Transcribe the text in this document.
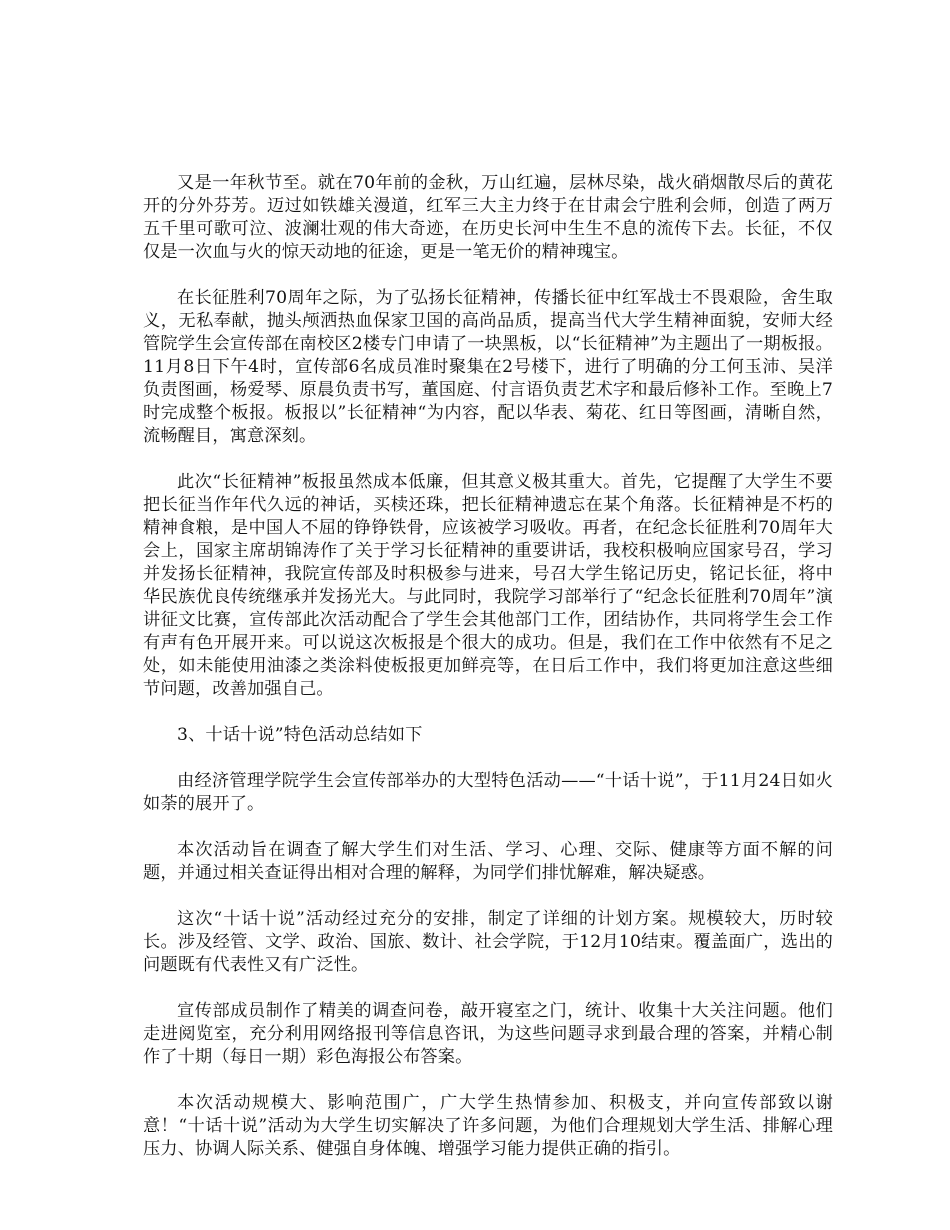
又是一年秋节至。就在70年前的金秋，万山红遍，层林尽染，战火硝烟散尽后的黄花开的分外芬芳。迈过如铁雄关漫道，红军三大主力终于在甘肃会宁胜利会师，创造了两万五千里可歌可泣、波澜壮观的伟大奇迹，在历史长河中生生不息的流传下去。长征，不仅仅是一次血与火的惊天动地的征途，更是一笔无价的精神瑰宝。

在长征胜利70周年之际，为了弘扬长征精神，传播长征中红军战士不畏艰险，舍生取义，无私奉献，抛头颅洒热血保家卫国的高尚品质，提高当代大学生精神面貌，安师大经管院学生会宣传部在南校区2楼专门申请了一块黑板，以“长征精神”为主题出了一期板报。11月8日下午4时，宣传部6名成员准时聚集在2号楼下，进行了明确的分工何玉沛、吴洋负责图画，杨爱琴、原晨负责书写，董国庭、付言语负责艺术字和最后修补工作。至晚上7时完成整个板报。板报以”长征精神“为内容，配以华表、菊花、红日等图画，清晰自然，流畅醒目，寓意深刻。

此次“长征精神”板报虽然成本低廉，但其意义极其重大。首先，它提醒了大学生不要把长征当作年代久远的神话，买椟还珠，把长征精神遗忘在某个角落。长征精神是不朽的精神食粮，是中国人不屈的铮铮铁骨，应该被学习吸收。再者，在纪念长征胜利70周年大会上，国家主席胡锦涛作了关于学习长征精神的重要讲话，我校积极响应国家号召，学习并发扬长征精神，我院宣传部及时积极参与进来，号召大学生铭记历史，铭记长征，将中华民族优良传统继承并发扬光大。与此同时，我院学习部举行了“纪念长征胜利70周年”演讲征文比赛，宣传部此次活动配合了学生会其他部门工作，团结协作，共同将学生会工作有声有色开展开来。可以说这次板报是个很大的成功。但是，我们在工作中依然有不足之处，如未能使用油漆之类涂料使板报更加鲜亮等，在日后工作中，我们将更加注意这些细节问题，改善加强自己。

3、十话十说”特色活动总结如下

由经济管理学院学生会宣传部举办的大型特色活动——“十话十说”，于11月24日如火如荼的展开了。

本次活动旨在调查了解大学生们对生活、学习、心理、交际、健康等方面不解的问题，并通过相关查证得出相对合理的解释，为同学们排忧解难，解决疑惑。

这次“十话十说”活动经过充分的安排，制定了详细的计划方案。规模较大，历时较长。涉及经管、文学、政治、国旅、数计、社会学院，于12月10结束。覆盖面广，选出的问题既有代表性又有广泛性。

宣传部成员制作了精美的调查问卷，敲开寝室之门，统计、收集十大关注问题。他们走进阅览室，充分利用网络报刊等信息咨讯，为这些问题寻求到最合理的答案，并精心制作了十期（每日一期）彩色海报公布答案。

本次活动规模大、影响范围广，广大学生热情参加、积极支，并向宣传部致以谢意！“十话十说”活动为大学生切实解决了许多问题，为他们合理规划大学生活、排解心理压力、协调人际关系、健强自身体魄、增强学习能力提供正确的指引。
